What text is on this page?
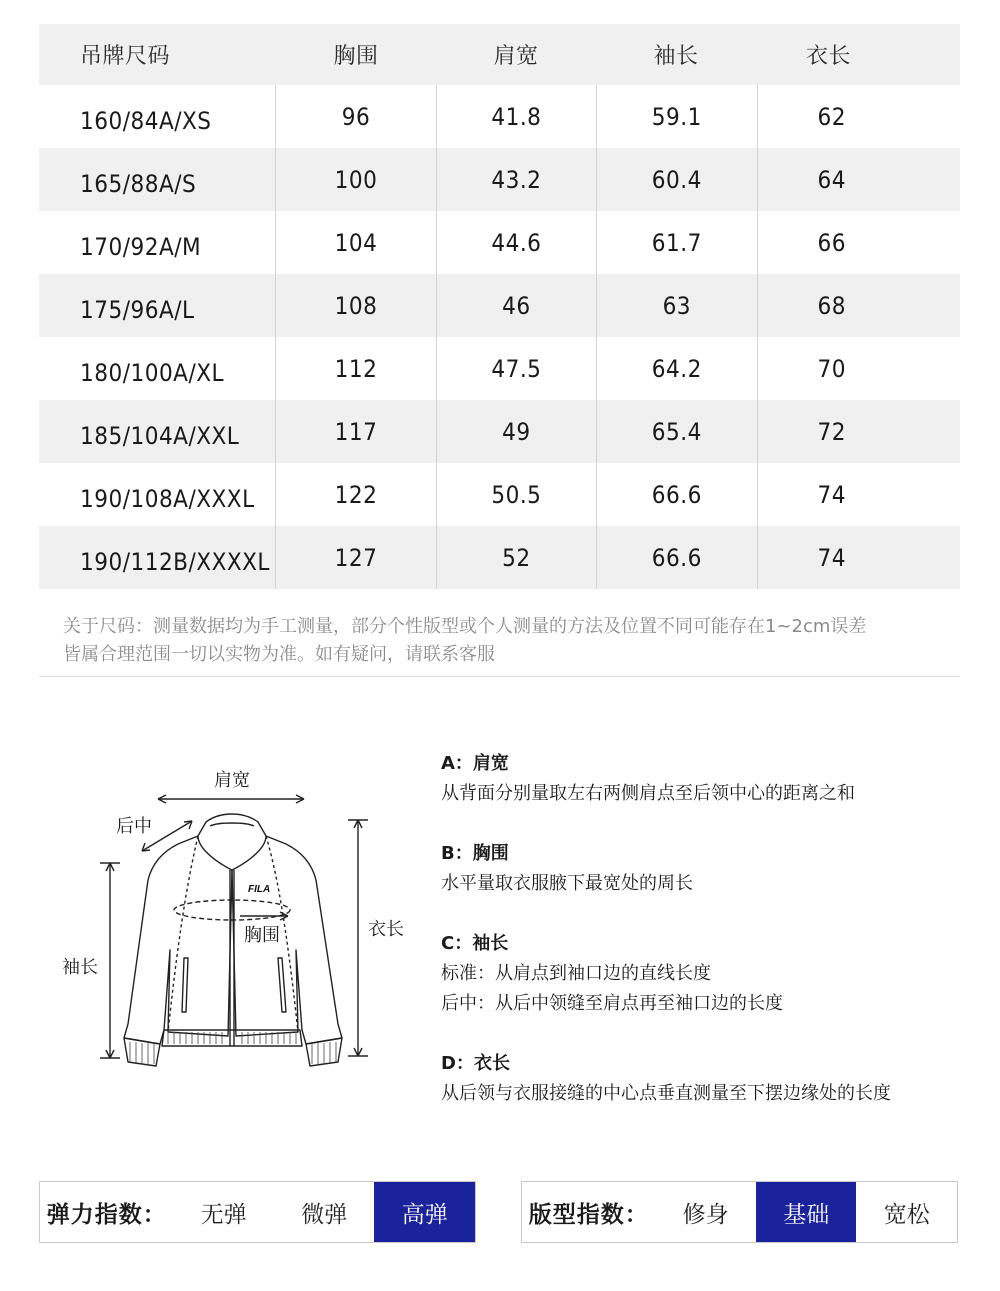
吊牌尺码	胸围	肩宽	袖长	衣长
160/84A/XS	96	41.8	59.1	62
165/88A/S	100	43.2	60.4	64
170/92A/M	104	44.6	61.7	66
175/96A/L	108	46	63	68
180/100A/XL	112	47.5	64.2	70
185/104A/XXL	117	49	65.4	72
190/108A/XXXL	122	50.5	66.6	74
190/112B/XXXXL	127	52	66.6	74
关于尺码：测量数据均为手工测量，部分个性版型或个人测量的方法及位置不同可能存在1~2cm误差
皆属合理范围一切以实物为准。如有疑问，请联系客服
FILA
肩宽
后中
胸围
袖长
衣长
A：肩宽
从背面分别量取左右两侧肩点至后领中心的距离之和
B：胸围
水平量取衣服腋下最宽处的周长
C：袖长
标准：从肩点到袖口边的直线长度
后中：从后中领缝至肩点再至袖口边的长度
D：衣长
从后领与衣服接缝的中心点垂直测量至下摆边缘处的长度
弹力指数：	无弹	微弹	高弹	版型指数：	修身	基础	宽松
